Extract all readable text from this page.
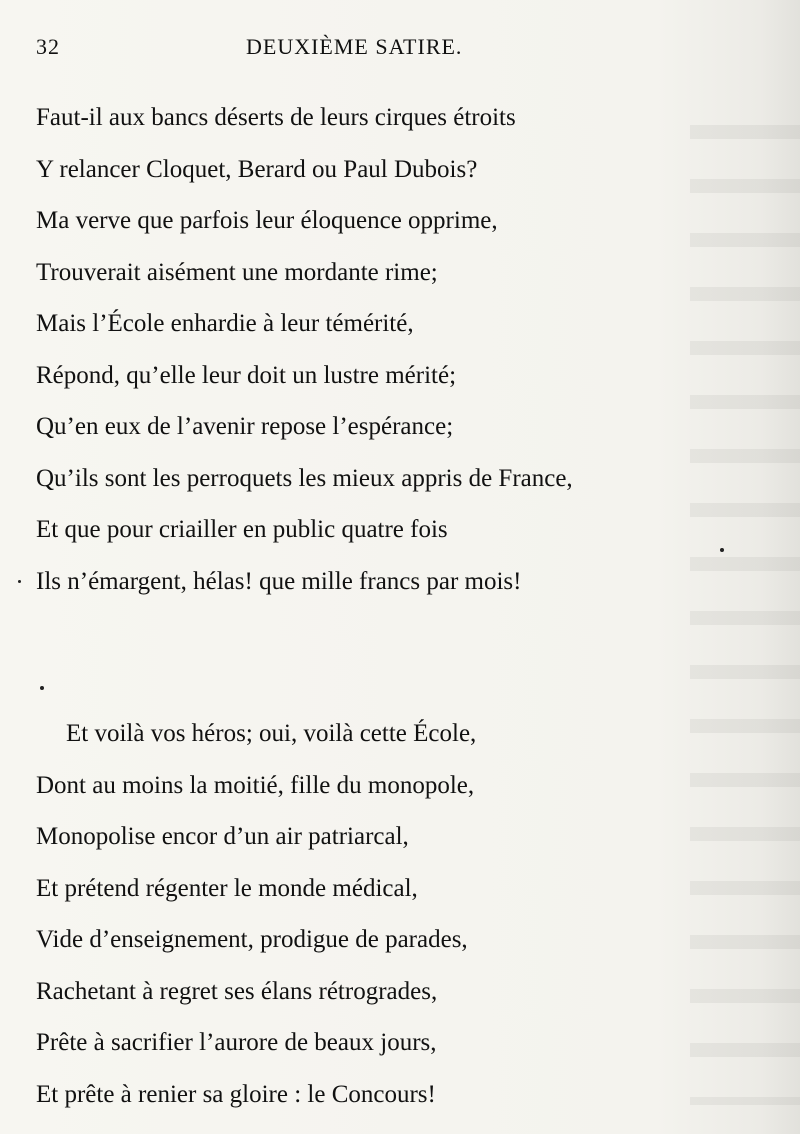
32	DEUXIÈME SATIRE.
Faut-il aux bancs déserts de leurs cirques étroits
Y relancer Cloquet, Berard ou Paul Dubois?
Ma verve que parfois leur éloquence opprime,
Trouverait aisément une mordante rime;
Mais l’École enhardie à leur témérité,
Répond, qu’elle leur doit un lustre mérité;
Qu’en eux de l’avenir repose l’espérance;
Qu’ils sont les perroquets les mieux appris de France,
Et que pour criailler en public quatre fois
Ils n’émargent, hélas! que mille francs par mois!
Et voilà vos héros; oui, voilà cette École,
Dont au moins la moitié, fille du monopole,
Monopolise encor d’un air patriarcal,
Et prétend régenter le monde médical,
Vide d’enseignement, prodigue de parades,
Rachetant à regret ses élans rétrogrades,
Prête à sacrifier l’aurore de beaux jours,
Et prête à renier sa gloire : le Concours!
